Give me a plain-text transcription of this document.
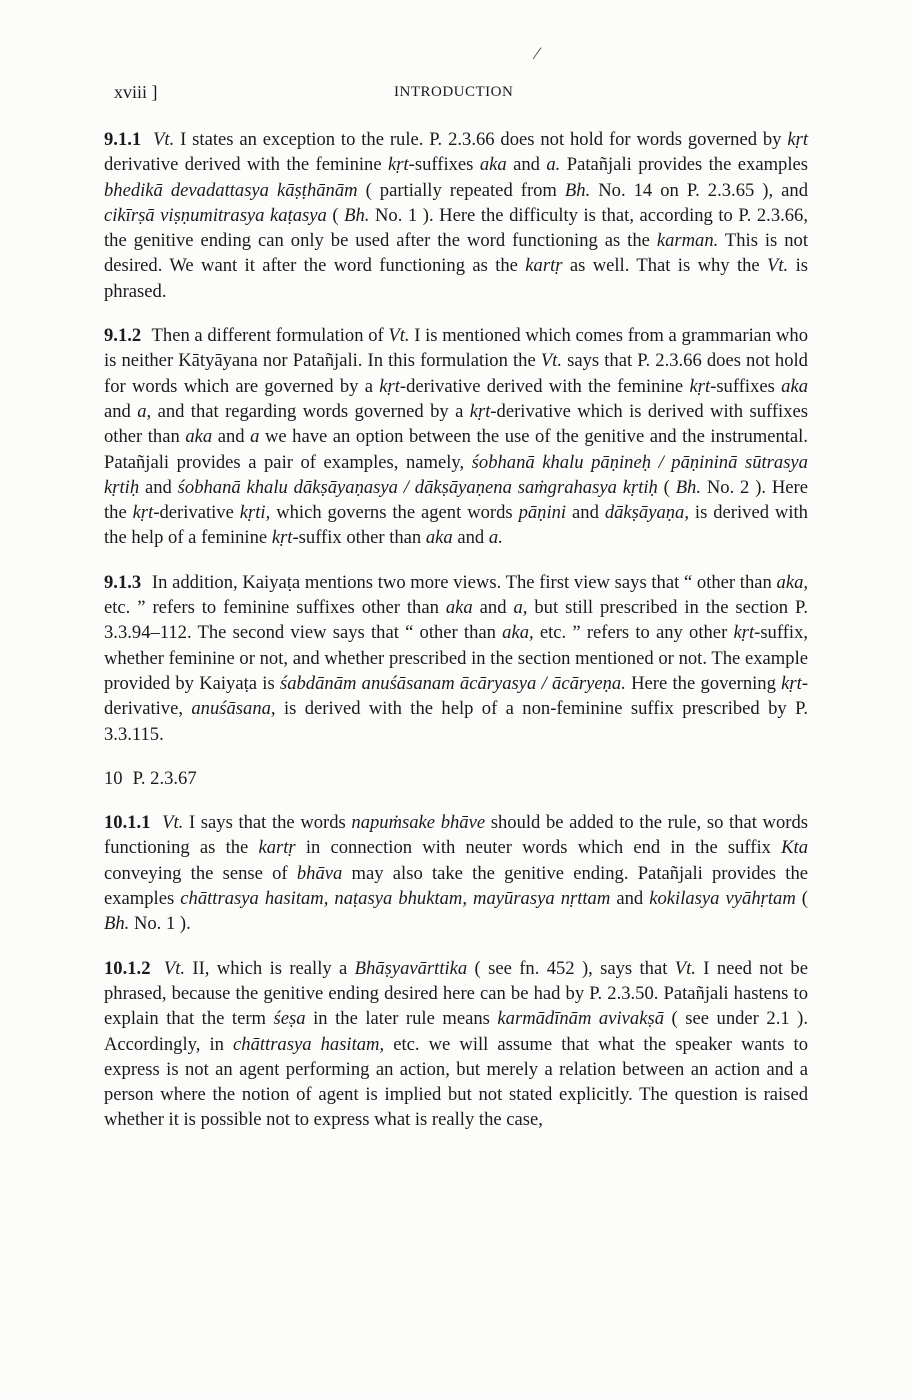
xviii ]	INTRODUCTION

9.1.1 Vt. I states an exception to the rule. P. 2.3.66 does not hold for words governed by kṛt derivative derived with the feminine kṛt-suffixes aka and a. Patañjali provides the examples bhedikā devadattasya kāṣṭhānām ( partially repeated from Bh. No. 14 on P. 2.3.65 ), and cikīrṣā viṣṇumitrasya kaṭasya ( Bh. No. 1 ). Here the difficulty is that, according to P. 2.3.66, the genitive ending can only be used after the word functioning as the karman. This is not desired. We want it after the word functioning as the kartṛ as well. That is why the Vt. is phrased.

9.1.2 Then a different formulation of Vt. I is mentioned which comes from a grammarian who is neither Kātyāyana nor Patañjali. In this formulation the Vt. says that P. 2.3.66 does not hold for words which are governed by a kṛt-derivative derived with the feminine kṛt-suffixes aka and a, and that regarding words governed by a kṛt-derivative which is derived with suffixes other than aka and a we have an option between the use of the genitive and the instrumental. Patañjali provides a pair of examples, namely, śobhanā khalu pāṇineḥ / pāṇininā sūtrasya kṛtiḥ and śobhanā khalu dākṣāyaṇasya / dākṣāyaṇena saṁgrahasya kṛtiḥ ( Bh. No. 2 ). Here the kṛt-derivative kṛti, which governs the agent words pāṇini and dākṣāyaṇa, is derived with the help of a feminine kṛt-suffix other than aka and a.

9.1.3 In addition, Kaiyaṭa mentions two more views. The first view says that “ other than aka, etc. ” refers to feminine suffixes other than aka and a, but still prescribed in the section P. 3.3.94–112. The second view says that “ other than aka, etc. ” refers to any other kṛt-suffix, whether feminine or not, and whether prescribed in the section mentioned or not. The example provided by Kaiyaṭa is śabdānām anuśāsanam ācāryasya / ācāryeṇa. Here the governing kṛt-derivative, anuśāsana, is derived with the help of a non-feminine suffix prescribed by P. 3.3.115.

10 P. 2.3.67

10.1.1 Vt. I says that the words napuṁsake bhāve should be added to the rule, so that words functioning as the kartṛ in connection with neuter words which end in the suffix Kta conveying the sense of bhāva may also take the genitive ending. Patañjali provides the examples chāttrasya hasitam, naṭasya bhuktam, mayūrasya nṛttam and kokilasya vyāhṛtam ( Bh. No. 1 ).

10.1.2 Vt. II, which is really a Bhāṣyavārttika ( see fn. 452 ), says that Vt. I need not be phrased, because the genitive ending desired here can be had by P. 2.3.50. Patañjali hastens to explain that the term śeṣa in the later rule means karmādīnām avivakṣā ( see under 2.1 ). Accordingly, in chāttrasya hasitam, etc. we will assume that what the speaker wants to express is not an agent performing an action, but merely a relation between an action and a person where the notion of agent is implied but not stated explicitly. The question is raised whether it is possible not to express what is really the case,
